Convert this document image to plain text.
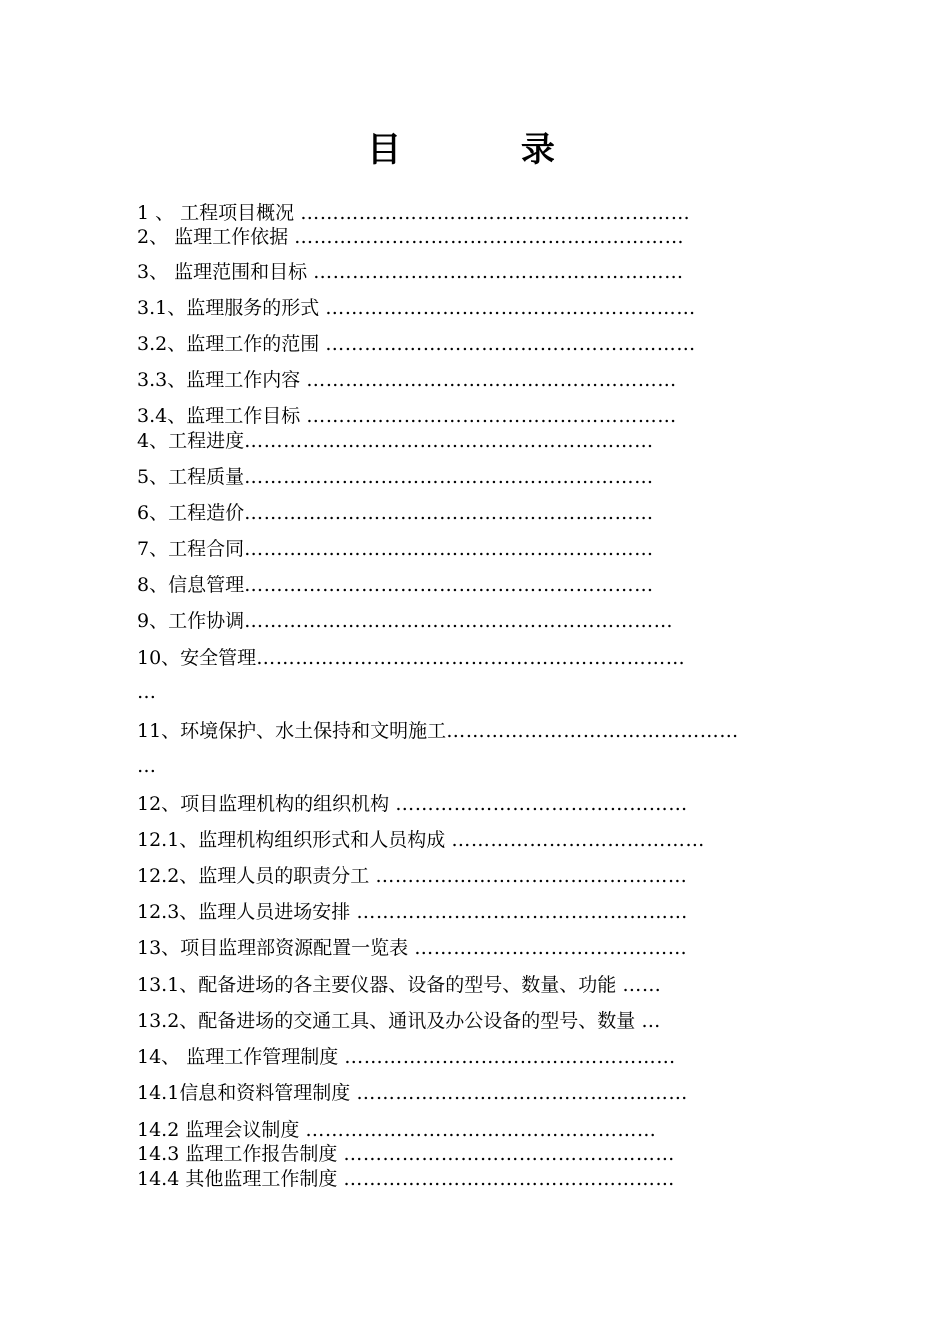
目 录
1 、 工程项目概况 ……………………………………………………
2、 监理工作依据 ……………………………………………………
3、 监理范围和目标 …………………………………………………
3.1、监理服务的形式 …………………………………………………
3.2、监理工作的范围 …………………………………………………
3.3、监理工作内容 …………………………………………………
3.4、监理工作目标 …………………………………………………
4、工程进度………………………………………………………
5、工程质量………………………………………………………
6、工程造价………………………………………………………
7、工程合同………………………………………………………
8、信息管理………………………………………………………
9、工作协调…………………………………………………………
10、安全管理…………………………………………………………
…
11、环境保护、水土保持和文明施工………………………………………
…
12、项目监理机构的组织机构 ………………………………………
12.1、监理机构组织形式和人员构成 …………………………………
12.2、监理人员的职责分工 …………………………………………
12.3、监理人员进场安排 ……………………………………………
13、项目监理部资源配置一览表 ……………………………………
13.1、配备进场的各主要仪器、设备的型号、数量、功能 ……
13.2、配备进场的交通工具、通讯及办公设备的型号、数量 …
14、 监理工作管理制度 ……………………………………………
14.1信息和资料管理制度 ……………………………………………
14.2 监理会议制度 ………………………………………………
14.3 监理工作报告制度 ……………………………………………
14.4 其他监理工作制度 ……………………………………………
